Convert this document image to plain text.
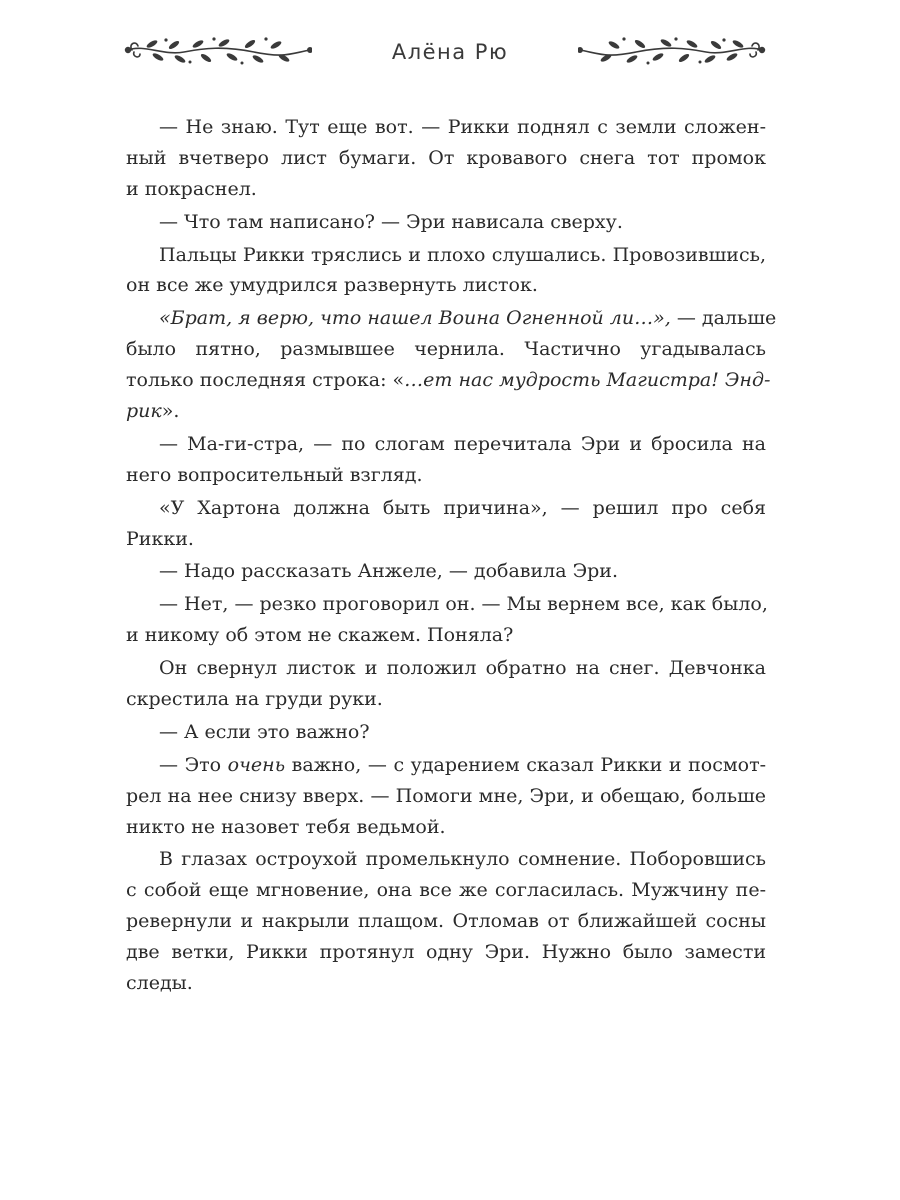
Алёна Рю
— Не знаю. Тут еще вот. — Рикки поднял с земли сложен-
ный вчетверо лист бумаги. От кровавого снега тот промок
и покраснел.
— Что там написано? — Эри нависала сверху.
Пальцы Рикки тряслись и плохо слушались. Провозившись,
он все же умудрился развернуть листок.
«Брат, я верю, что нашел Воина Огненной ли…», — дальше
было пятно, размывшее чернила. Частично угадывалась
только последняя строка: «…ет нас мудрость Магистра! Энд-
рик».
— Ма-ги-стра, — по слогам перечитала Эри и бросила на
него вопросительный взгляд.
«У Хартона должна быть причина», — решил про себя
Рикки.
— Надо рассказать Анжеле, — добавила Эри.
— Нет, — резко проговорил он. — Мы вернем все, как было,
и никому об этом не скажем. Поняла?
Он свернул листок и положил обратно на снег. Девчонка
скрестила на груди руки.
— А если это важно?
— Это очень важно, — с ударением сказал Рикки и посмот-
рел на нее снизу вверх. — Помоги мне, Эри, и обещаю, больше
никто не назовет тебя ведьмой.
В глазах остроухой промелькнуло сомнение. Поборовшись
с собой еще мгновение, она все же согласилась. Мужчину пе-
ревернули и накрыли плащом. Отломав от ближайшей сосны
две ветки, Рикки протянул одну Эри. Нужно было замести
следы.
